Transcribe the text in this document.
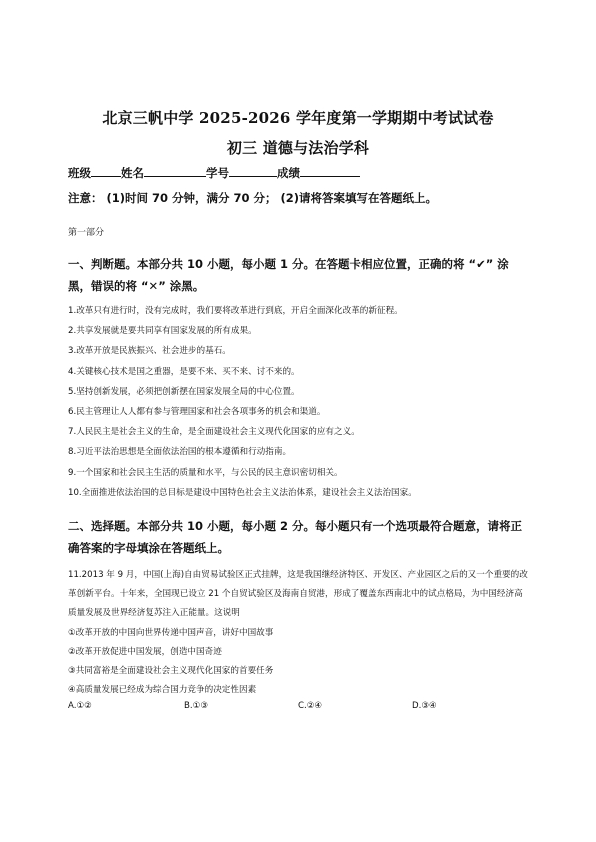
北京三帆中学 2025-2026 学年度第一学期期中考试试卷
初三 道德与法治学科
班级	姓名	学号	成绩
注意： (1)时间 70 分钟，满分 70 分； (2)请将答案填写在答题纸上。
第一部分
一、判断题。本部分共 10 小题，每小题 1 分。在答题卡相应位置，正确的将 “✔” 涂黑，错误的将 “✕” 涂黑。
1.改革只有进行时，没有完成时，我们要将改革进行到底，开启全面深化改革的新征程。
2.共享发展就是要共同享有国家发展的所有成果。
3.改革开放是民族振兴、社会进步的基石。
4.关键核心技术是国之重器，是要不来、买不来、讨不来的。
5.坚持创新发展，必须把创新摆在国家发展全局的中心位置。
6.民主管理让人人都有参与管理国家和社会各项事务的机会和渠道。
7.人民民主是社会主义的生命，是全面建设社会主义现代化国家的应有之义。
8.习近平法治思想是全面依法治国的根本遵循和行动指南。
9.一个国家和社会民主生活的质量和水平，与公民的民主意识密切相关。
10.全面推进依法治国的总目标是建设中国特色社会主义法治体系，建设社会主义法治国家。
二、选择题。本部分共 10 小题，每小题 2 分。每小题只有一个选项最符合题意，请将正确答案的字母填涂在答题纸上。
11.2013 年 9 月，中国(上海)自由贸易试验区正式挂牌，这是我国继经济特区、开发区、产业园区之后的又一个重要的改革创新平台。十年来，全国现已设立 21 个自贸试验区及海南自贸港，形成了覆盖东西南北中的试点格局，为中国经济高质量发展及世界经济复苏注入正能量。这说明
①改革开放的中国向世界传递中国声音，讲好中国故事
②改革开放促进中国发展，创造中国奇迹
③共同富裕是全面建设社会主义现代化国家的首要任务
④高质量发展已经成为综合国力竞争的决定性因素
A.①②	B.①③	C.②④	D.③④
